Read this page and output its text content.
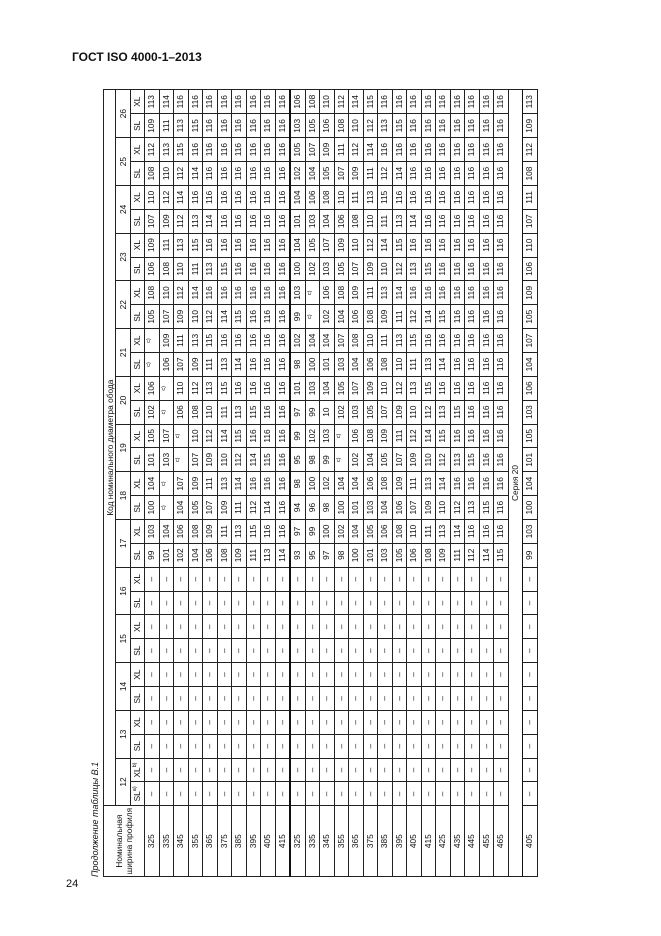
ГОСТ ISO 4000-1–2013
Продолжение таблицы В.1 Номинальная ширина профиля	Код номинального диаметра обода																													
	12		13		14		15		16		17		18		19		20		21		22		23		24		25		26	
	$SL^{а)}$	XL$^{b)}$	SL	XL	SL	XL	SL	XL	SL	XL	SL	XL	SL	XL	SL	XL	SL	XL	SL	XL	SL	XL	SL	XL	SL	XL	SL	XL	SL	XL
325	–	–	–	–	–	–	–	–	–	–	99	103	100	104	101	105	102	106	$^{c)}$	$^{c)}$	105	108	106	109	107	110	108	112	109	113
335	–	–	–	–	–	–	–	–	–	–	101	104	$^{c)}$	$^{c)}$	103	107	$^{c)}$	$^{c)}$	106	109	107	110	108	111	109	112	110	113	111	114
345	–	–	–	–	–	–	–	–	–	–	102	106	104	107	$^{c)}$	$^{c)}$	106	110	107	111	109	112	110	113	112	114	112	115	113	116
355	–	–	–	–	–	–	–	–	–	–	104	108	105	109	107	110	108	112	109	113	110	114	111	115	113	116	114	116	115	116
365	–	–	–	–	–	–	–	–	–	–	106	109	107	111	109	112	110	113	111	115	112	116	113	116	114	116	116	116	116	116
375	–	–	–	–	–	–	–	–	–	–	108	111	109	113	110	114	111	115	113	116	114	116	115	116	116	116	116	116	116	116
385	–	–	–	–	–	–	–	–	–	–	109	113	111	114	112	115	113	116	114	116	115	116	116	116	116	116	116	116	116	116
395	–	–	–	–	–	–	–	–	–	–	111	115	112	116	114	116	115	116	116	116	116	116	116	116	116	116	116	116	116	116
405	–	–	–	–	–	–	–	–	–	–	113	116	114	116	115	116	116	116	116	116	116	116	116	116	116	116	116	116	116	116
415	–	–	–	–	–	–	–	–	–	–	114	116	116	116	116	116	116	116	116	116	116	116	116	116	116	116	116	116	116	116
325	–	–	–	–	–	–	–	–	–	–	93	97	94	98	95	99	97	101	98	102	99	103	100	104	101	104	102	105	103	106
335	–	–	–	–	–	–	–	–	–	–	95	99	96	100	98	102	99	103	100	104	$^{c)}$	$^{c)}$	102	105	103	106	104	107	105	108
345	–	–	–	–	–	–	–	–	–	–	97	100	98	102	99	103	10	104	101	104	102	106	103	107	104	108	105	109	106	110
355	–	–	–	–	–	–	–	–	–	–	98	102	100	104	$^{c)}$	$^{c)}$	102	105	103	107	104	108	105	109	106	110	107	111	108	112
365	–	–	–	–	–	–	–	–	–	–	100	104	101	104	102	106	103	107	104	108	106	109	107	110	108	111	109	112	110	114
375	–	–	–	–	–	–	–	–	–	–	101	105	103	106	104	108	105	109	106	110	108	111	109	112	110	113	111	114	112	115
385	–	–	–	–	–	–	–	–	–	–	103	106	104	108	105	109	107	110	108	111	109	113	110	114	111	115	112	116	113	116
395	–	–	–	–	–	–	–	–	–	–	105	108	106	109	107	111	109	112	110	113	111	114	112	115	113	116	114	116	115	116
405	–	–	–	–	–	–	–	–	–	–	106	110	107	111	109	112	110	113	111	115	112	116	113	116	114	116	116	116	116	116
415	–	–	–	–	–	–	–	–	–	–	108	111	109	113	110	114	112	115	113	116	114	116	115	116	116	116	116	116	116	116
425	–	–	–	–	–	–	–	–	–	–	109	113	110	114	112	115	113	116	114	116	115	116	116	116	116	116	116	116	116	116
435	–	–	–	–	–	–	–	–	–	–	111	114	112	116	113	116	115	116	116	116	116	116	116	116	116	116	116	116	116	116
445	–	–	–	–	–	–	–	–	–	–	112	116	113	116	115	116	116	116	116	116	116	116	116	116	116	116	116	116	116	116
455	–	–	–	–	–	–	–	–	–	–	114	116	115	116	116	116	116	116	116	116	116	116	116	116	116	116	116	116	116	116
465	–	–	–	–	–	–	–	–	–	–	115	116	116	116	116	116	116	116	116	116	116	116	116	116	116	116	116	116	116	116
Серия 20																														
405	–	–	–	–	–	–	–	–	–	–	99	103	100	104	101	105	103	106	104	107	105	109	106	110	107	111	108	112	109	113
24
